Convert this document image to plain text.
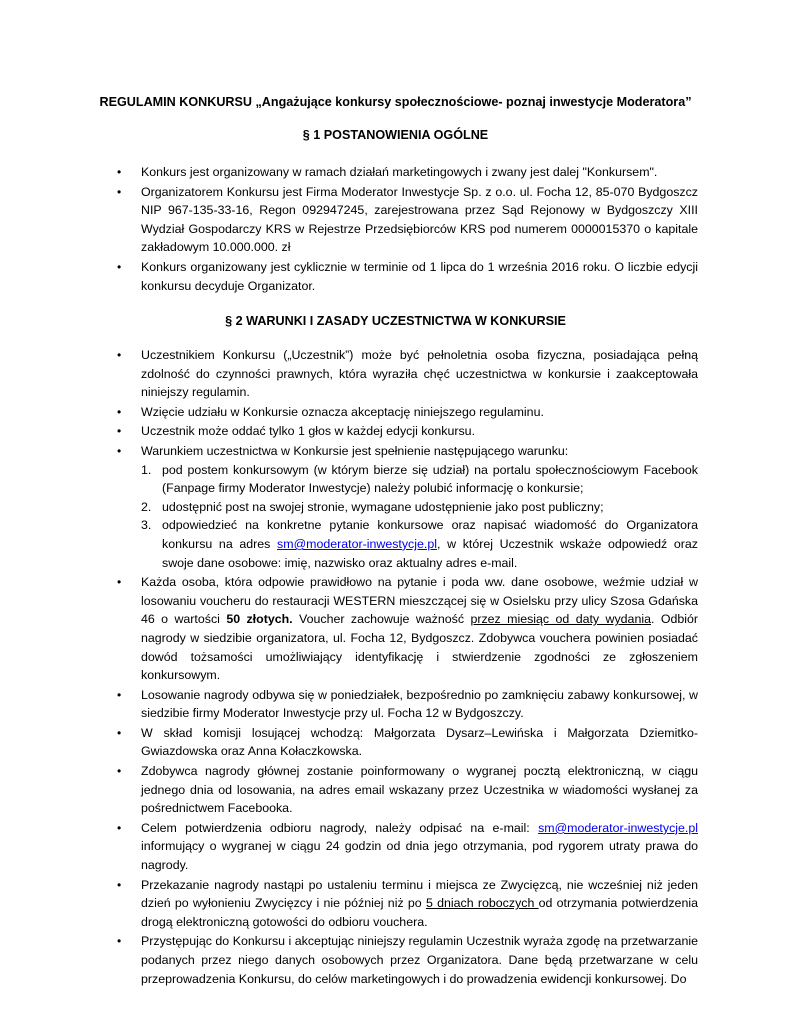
REGULAMIN KONKURSU „Angażujące konkursy społecznościowe- poznaj inwestycje Moderatora”

§ 1 POSTANOWIENIA OGÓLNE

• Konkurs jest organizowany w ramach działań marketingowych i zwany jest dalej "Konkursem".
• Organizatorem Konkursu jest Firma Moderator Inwestycje Sp. z o.o. ul. Focha 12, 85-070 Bydgoszcz NIP 967-135-33-16, Regon 092947245, zarejestrowana przez Sąd Rejonowy w Bydgoszczy XIII Wydział Gospodarczy KRS w Rejestrze Przedsiębiorców KRS pod numerem 0000015370 o kapitale zakładowym 10.000.000. zł
• Konkurs organizowany jest cyklicznie w terminie od 1 lipca do 1 września 2016 roku. O liczbie edycji konkursu decyduje Organizator.

§ 2 WARUNKI I ZASADY UCZESTNICTWA W KONKURSIE

• Uczestnikiem Konkursu („Uczestnik”) może być pełnoletnia osoba fizyczna, posiadająca pełną zdolność do czynności prawnych, która wyraziła chęć uczestnictwa w konkursie i zaakceptowała niniejszy regulamin.
• Wzięcie udziału w Konkursie oznacza akceptację niniejszego regulaminu.
• Uczestnik może oddać tylko 1 głos w każdej edycji konkursu.
• Warunkiem uczestnictwa w Konkursie jest spełnienie następującego warunku:
1. pod postem konkursowym (w którym bierze się udział) na portalu społecznościowym Facebook (Fanpage firmy Moderator Inwestycje) należy polubić informację o konkursie;
2. udostępnić post na swojej stronie, wymagane udostępnienie jako post publiczny;
3. odpowiedzieć na konkretne pytanie konkursowe oraz napisać wiadomość do Organizatora konkursu na adres sm@moderator-inwestycje.pl, w której Uczestnik wskaże odpowiedź oraz swoje dane osobowe: imię, nazwisko oraz aktualny adres e-mail.
• Każda osoba, która odpowie prawidłowo na pytanie i poda ww. dane osobowe, weźmie udział w losowaniu voucheru do restauracji WESTERN mieszczącej się w Osielsku przy ulicy Szosa Gdańska 46 o wartości 50 złotych. Voucher zachowuje ważność przez miesiąc od daty wydania. Odbiór nagrody w siedzibie organizatora, ul. Focha 12, Bydgoszcz. Zdobywca vouchera powinien posiadać dowód tożsamości umożliwiający identyfikację i stwierdzenie zgodności ze zgłoszeniem konkursowym.
• Losowanie nagrody odbywa się w poniedziałek, bezpośrednio po zamknięciu zabawy konkursowej, w siedzibie firmy Moderator Inwestycje przy ul. Focha 12 w Bydgoszczy.
• W skład komisji losującej wchodzą: Małgorzata Dysarz–Lewińska i Małgorzata Dziemitko-Gwiazdowska oraz Anna Kołaczkowska.
• Zdobywca nagrody głównej zostanie poinformowany o wygranej pocztą elektroniczną, w ciągu jednego dnia od losowania, na adres email wskazany przez Uczestnika w wiadomości wysłanej za pośrednictwem Facebooka.
• Celem potwierdzenia odbioru nagrody, należy odpisać na e-mail: sm@moderator-inwestycje.pl informujący o wygranej w ciągu 24 godzin od dnia jego otrzymania, pod rygorem utraty prawa do nagrody.
• Przekazanie nagrody nastąpi po ustaleniu terminu i miejsca ze Zwycięzcą, nie wcześniej niż jeden dzień po wyłonieniu Zwycięzcy i nie później niż po 5 dniach roboczych od otrzymania potwierdzenia drogą elektroniczną gotowości do odbioru vouchera.
• Przystępując do Konkursu i akceptując niniejszy regulamin Uczestnik wyraża zgodę na przetwarzanie podanych przez niego danych osobowych przez Organizatora. Dane będą przetwarzane w celu przeprowadzenia Konkursu, do celów marketingowych i do prowadzenia ewidencji konkursowej. Do
